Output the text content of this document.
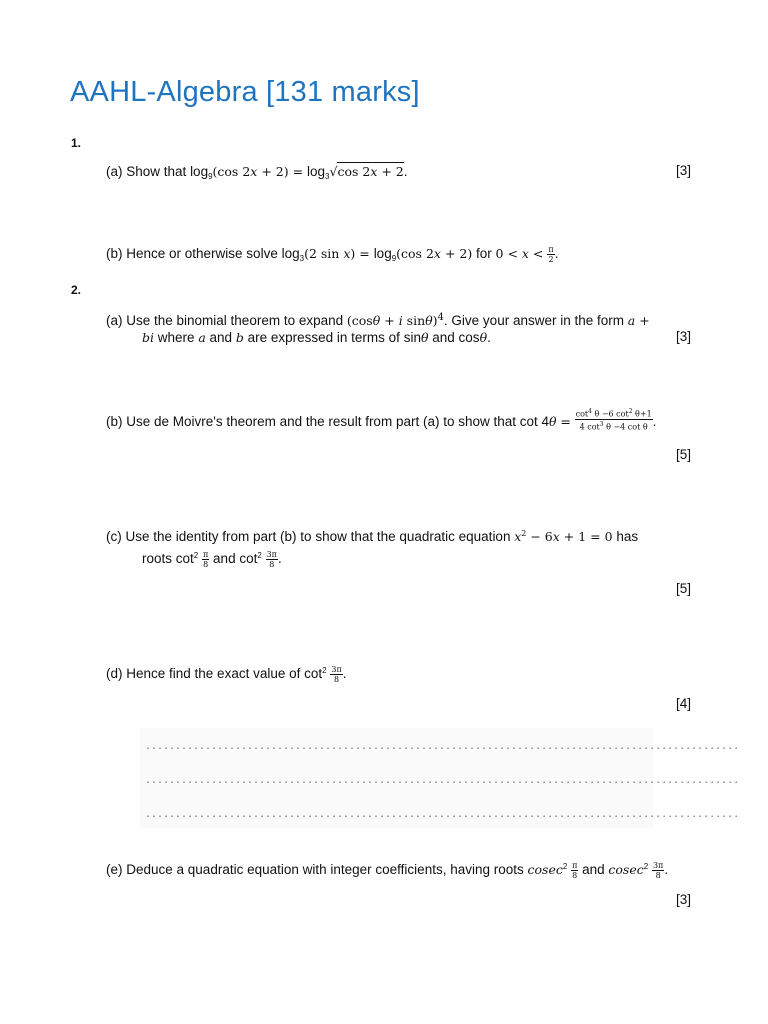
AAHL-Algebra [131 marks]
1.
(a) Show that $\log_9(\cos$ $2x + 2) = \log_3√\cos$ 2x + 2.	[3]
(b) Hence or otherwise solve $\log_3(2$ $\sin x) = \log_9(\cos$ 2x + 2) for $0 < x < \frac{\pi}{2}$ .
2.
(a) Use the binomial theorem to expand (cosθ + i sinθ)$^4$. Give your answer in the form a +
bi where a and b are expressed in terms of sinθ and cosθ.	[3]
(b) Use de Moivre's theorem and the result from part (a) to show that $\cot 4\theta = \frac{\cot^4 \theta -6 \cot^2 \theta+1}{4 \cot^3 \theta -4 \cot \theta}$ .
[5]
(c) Use the identity from part (b) to show that the quadratic equation $x^2 - 6x + 1 = 0$ has
roots $\cot^2 \frac{\pi}{8}$ and $\cot^2 \frac{3\pi}{8}$ .
[5]
(d) Hence find the exact value of $\cot^2 \frac{3\pi}{8}$ .
[4]
...................................................................................................
...................................................................................................
...................................................................................................
(e) Deduce a quadratic equation with integer coefficients, having roots $cosec^2 \frac{\pi}{8}$ and $cosec^2 \frac{3\pi}{8}$ .
[3]
